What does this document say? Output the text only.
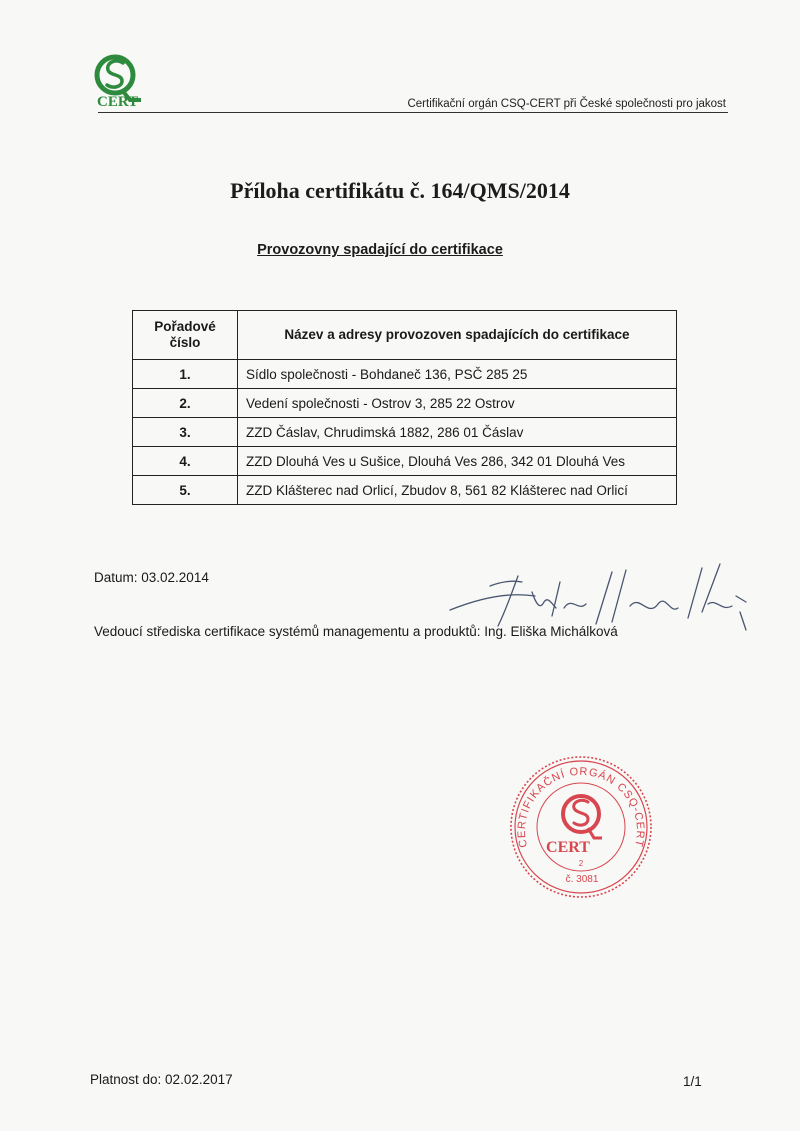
CERT	Certifikační orgán CSQ-CERT při České společnosti pro jakost
Příloha certifikátu č. 164/QMS/2014
Provozovny spadající do certifikace
Pořadové číslo	Název a adresy provozoven spadajících do certifikace
1.	Sídlo společnosti - Bohdaneč 136, PSČ 285 25
2.	Vedení společnosti - Ostrov 3, 285 22 Ostrov
3.	ZZD Čáslav, Chrudimská 1882, 286 01 Čáslav
4.	ZZD Dlouhá Ves u Sušice, Dlouhá Ves 286, 342 01 Dlouhá Ves
5.	ZZD Klášterec nad Orlicí, Zbudov 8, 561 82 Klášterec nad Orlicí
Datum: 03.02.2014
Vedoucí střediska certifikace systémů managementu a produktů: Ing. Eliška Michálková
CERTIFIKAČNÍ ORGÁN CSQ-CERT
CERT
2
č. 3081
Platnost do: 02.02.2017	1/1
